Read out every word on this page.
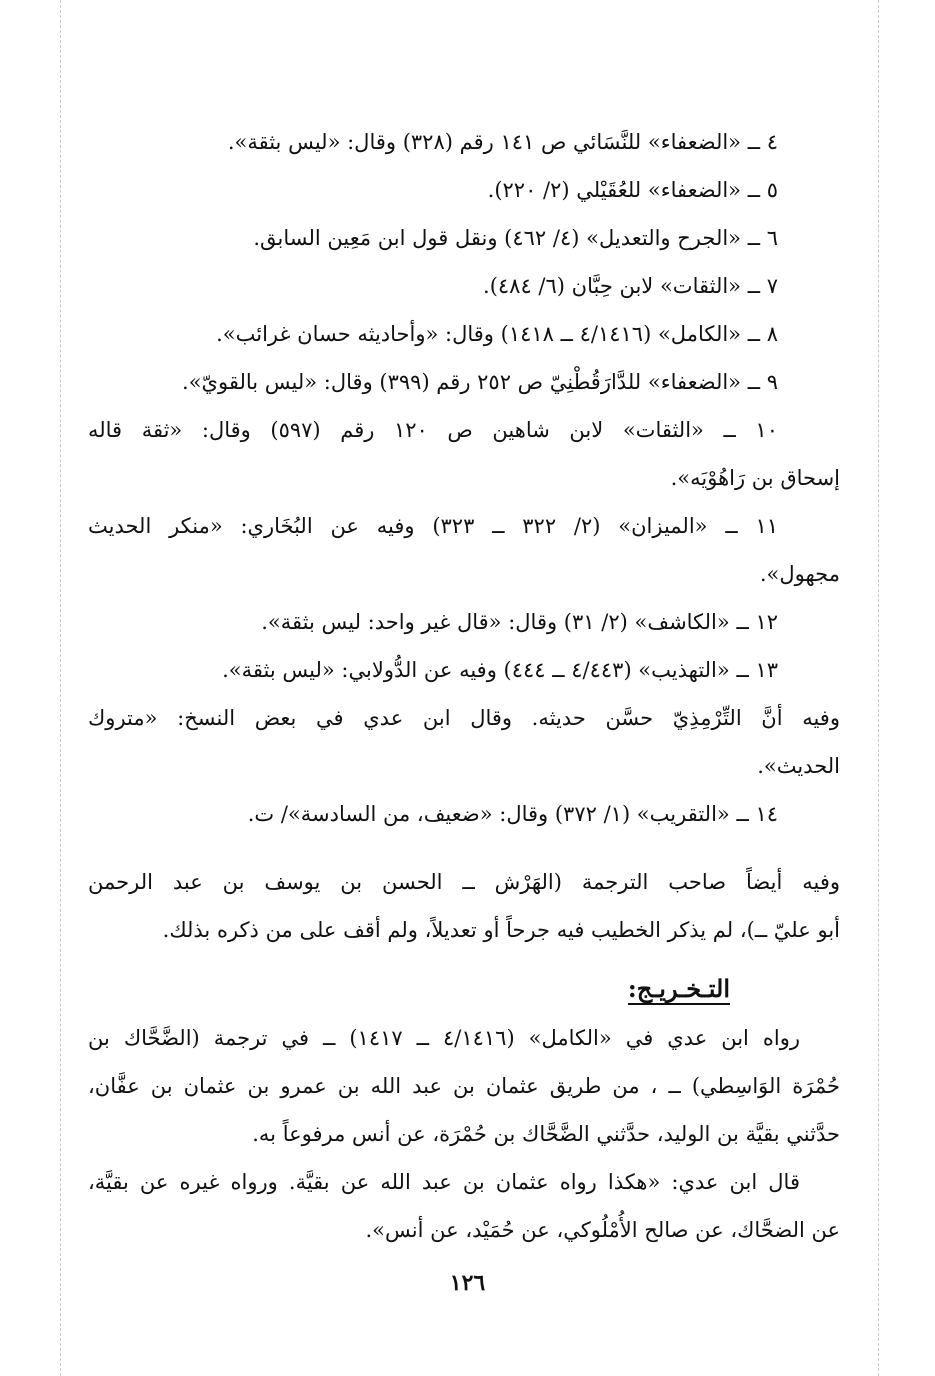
٤ ــ «الضعفاء» للنَّسَائي ص ١٤١ رقم (٣٢٨) وقال: «ليس بثقة».
٥ ــ «الضعفاء» للعُقَيْلي (٢/ ٢٢٠).
٦ ــ «الجرح والتعديل» (٤/ ٤٦٢) ونقل قول ابن مَعِين السابق.
٧ ــ «الثقات» لابن حِبَّان (٦/ ٤٨٤).
٨ ــ «الكامل» (٤/١٤١٦ ــ ١٤١٨) وقال: «وأحاديثه حسان غرائب».
٩ ــ «الضعفاء» للدَّارَقُطْنِيّ ص ٢٥٢ رقم (٣٩٩) وقال: «ليس بالقويّ».
١٠ ــ «الثقات» لابن شاهين ص ١٢٠ رقم (٥٩٧) وقال: «ثقة قاله
إسحاق بن رَاهُوْيَه».
١١ ــ «الميزان» (٢/ ٣٢٢ ــ ٣٢٣) وفيه عن البُخَاري: «منكر الحديث
مجهول».
١٢ ــ «الكاشف» (٢/ ٣١) وقال: «قال غير واحد: ليس بثقة».
١٣ ــ «التهذيب» (٤/٤٤٣ ــ ٤٤٤) وفيه عن الدُّولابي: «ليس بثقة».
وفيه أنَّ التِّرْمِذِيّ حسَّن حديثه. وقال ابن عدي في بعض النسخ: «متروك
الحديث».
١٤ ــ «التقريب» (١/ ٣٧٢) وقال: «ضعيف، من السادسة»/ ت.
وفيه أيضاً صاحب الترجمة (الهَرْش ــ الحسن بن يوسف بن عبد الرحمن
أبو عليّ ــ)، لم يذكر الخطيب فيه جرحاً أو تعديلاً، ولم أقف على من ذكره بذلك.
التـخـريـج:
رواه ابن عدي في «الكامل» (٤/١٤١٦ ــ ١٤١٧) ــ في ترجمة (الضَّحَّاك بن
حُمْرَة الوَاسِطي) ــ ، من طريق عثمان بن عبد الله بن عمرو بن عثمان بن عفَّان،
حدَّثني بقيَّة بن الوليد، حدَّثني الضَّحَّاك بن حُمْرَة، عن أنس مرفوعاً به.
قال ابن عدي: «هكذا رواه عثمان بن عبد الله عن بقيَّة. ورواه غيره عن بقيَّة،
عن الضحَّاك، عن صالح الأُمْلُوكي، عن حُمَيْد، عن أنس».
١٢٦
